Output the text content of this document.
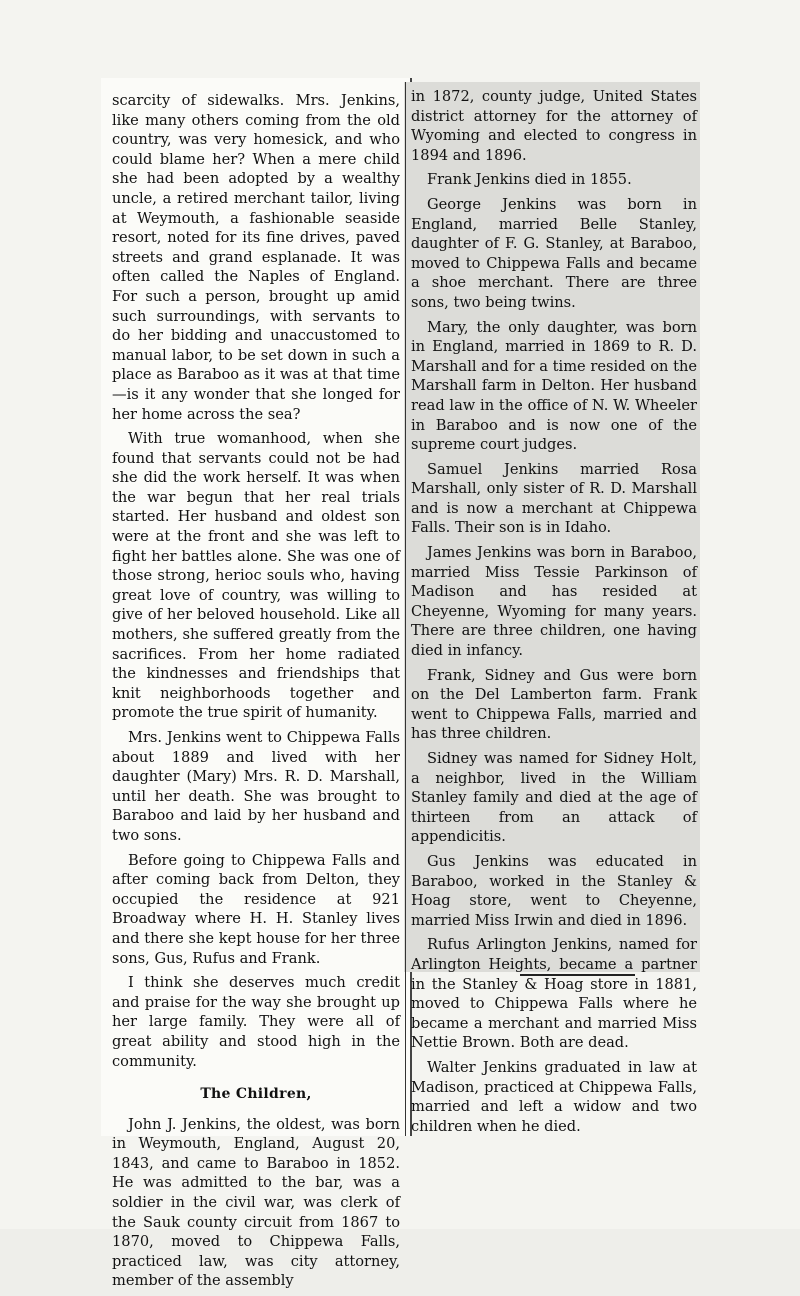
scarcity of sidewalks. Mrs. Jenkins, like many others coming from the old country, was very homesick, and who could blame her? When a mere child she had been adopted by a wealthy uncle, a retired merchant tailor, living at Weymouth, a fashionable seaside resort, noted for its fine drives, paved streets and grand esplanade. It was often called the Naples of England. For such a person, brought up amid such surroundings, with servants to do her bidding and unaccustomed to manual labor, to be set down in such a place as Baraboo as it was at that time—is it any wonder that she longed for her home across the sea?

With true womanhood, when she found that servants could not be had she did the work herself. It was when the war begun that her real trials started. Her husband and oldest son were at the front and she was left to fight her battles alone. She was one of those strong, herioc souls who, having great love of country, was willing to give of her beloved household. Like all mothers, she suffered greatly from the sacrifices. From her home radiated the kindnesses and friendships that knit neighborhoods together and promote the true spirit of humanity.

Mrs. Jenkins went to Chippewa Falls about 1889 and lived with her daughter (Mary) Mrs. R. D. Marshall, until her death. She was brought to Baraboo and laid by her husband and two sons.

Before going to Chippewa Falls and after coming back from Delton, they occupied the residence at 921 Broadway where H. H. Stanley lives and there she kept house for her three sons, Gus, Rufus and Frank.

I think she deserves much credit and praise for the way she brought up her large family. They were all of great ability and stood high in the community.

The Children,

John J. Jenkins, the oldest, was born in Weymouth, England, August 20, 1843, and came to Baraboo in 1852. He was admitted to the bar, was a soldier in the civil war, was clerk of the Sauk county circuit from 1867 to 1870, moved to Chippewa Falls, practiced law, was city attorney, member of the assembly

in 1872, county judge, United States district attorney for the attorney of Wyoming and elected to congress in 1894 and 1896.

Frank Jenkins died in 1855.

George Jenkins was born in England, married Belle Stanley, daughter of F. G. Stanley, at Baraboo, moved to Chippewa Falls and became a shoe merchant. There are three sons, two being twins.

Mary, the only daughter, was born in England, married in 1869 to R. D. Marshall and for a time resided on the Marshall farm in Delton. Her husband read law in the office of N. W. Wheeler in Baraboo and is now one of the supreme court judges.

Samuel Jenkins married Rosa Marshall, only sister of R. D. Marshall and is now a merchant at Chippewa Falls. Their son is in Idaho.

James Jenkins was born in Baraboo, married Miss Tessie Parkinson of Madison and has resided at Cheyenne, Wyoming for many years. There are three children, one having died in infancy.

Frank, Sidney and Gus were born on the Del Lamberton farm. Frank went to Chippewa Falls, married and has three children.

Sidney was named for Sidney Holt, a neighbor, lived in the William Stanley family and died at the age of thirteen from an attack of appendicitis.

Gus Jenkins was educated in Baraboo, worked in the Stanley & Hoag store, went to Cheyenne, married Miss Irwin and died in 1896.

Rufus Arlington Jenkins, named for Arlington Heights, became a partner in the Stanley & Hoag store in 1881, moved to Chippewa Falls where he became a merchant and married Miss Nettie Brown. Both are dead.

Walter Jenkins graduated in law at Madison, practiced at Chippewa Falls, married and left a widow and two children when he died.
